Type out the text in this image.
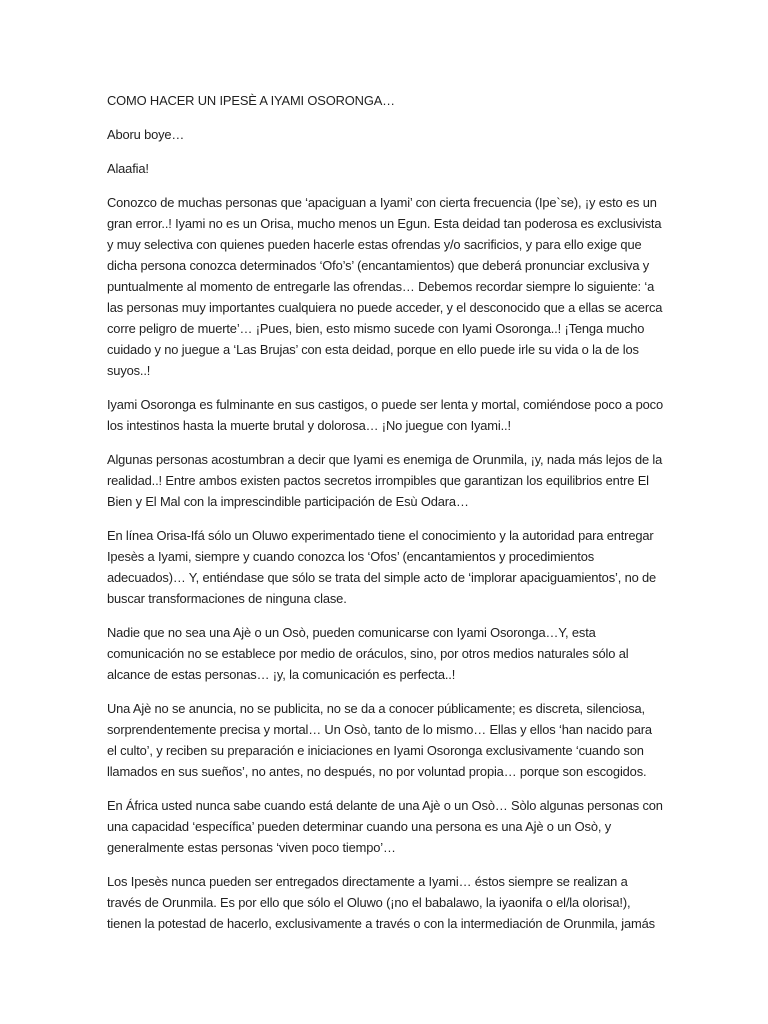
COMO HACER UN IPESÈ A IYAMI OSORONGA…

Aboru boye…

Alaafia!

Conozco de muchas personas que ‘apaciguan a Iyami’ con cierta frecuencia (Ipe`se), ¡y esto es un gran error..! Iyami no es un Orisa, mucho menos un Egun. Esta deidad tan poderosa es exclusivista y muy selectiva con quienes pueden hacerle estas ofrendas y/o sacrificios, y para ello exige que dicha persona conozca determinados ‘Ofo’s’ (encantamientos) que deberá pronunciar exclusiva y puntualmente al momento de entregarle las ofrendas… Debemos recordar siempre lo siguiente: ‘a las personas muy importantes cualquiera no puede acceder, y el desconocido que a ellas se acerca corre peligro de muerte’… ¡Pues, bien, esto mismo sucede con Iyami Osoronga..! ¡Tenga mucho cuidado y no juegue a ‘Las Brujas’ con esta deidad, porque en ello puede irle su vida o la de los suyos..!

Iyami Osoronga es fulminante en sus castigos, o puede ser lenta y mortal, comiéndose poco a poco los intestinos hasta la muerte brutal y dolorosa… ¡No juegue con Iyami..!

Algunas personas acostumbran a decir que Iyami es enemiga de Orunmila, ¡y, nada más lejos de la realidad..! Entre ambos existen pactos secretos irrompibles que garantizan los equilibrios entre El Bien y El Mal con la imprescindible participación de Esù Odara…

En línea Orisa-Ifá sólo un Oluwo experimentado tiene el conocimiento y la autoridad para entregar Ipesès a Iyami, siempre y cuando conozca los ‘Ofos’ (encantamientos y procedimientos adecuados)… Y, entiéndase que sólo se trata del simple acto de ‘implorar apaciguamientos’, no de buscar transformaciones de ninguna clase.

Nadie que no sea una Ajè o un Osò, pueden comunicarse con Iyami Osoronga…Y, esta comunicación no se establece por medio de oráculos, sino, por otros medios naturales sólo al alcance de estas personas… ¡y, la comunicación es perfecta..!

Una Ajè no se anuncia, no se publicita, no se da a conocer públicamente; es discreta, silenciosa, sorprendentemente precisa y mortal… Un Osò, tanto de lo mismo… Ellas y ellos ‘han nacido para el culto’, y reciben su preparación e iniciaciones en Iyami Osoronga exclusivamente ‘cuando son llamados en sus sueños’, no antes, no después, no por voluntad propia… porque son escogidos.

En África usted nunca sabe cuando está delante de una Ajè o un Osò… Sòlo algunas personas con una capacidad ‘específica’ pueden determinar cuando una persona es una Ajè o un Osò, y generalmente estas personas ‘viven poco tiempo’…

Los Ipesès nunca pueden ser entregados directamente a Iyami… éstos siempre se realizan a través de Orunmila. Es por ello que sólo el Oluwo (¡no el babalawo, la iyaonifa o el/la olorisa!), tienen la potestad de hacerlo, exclusivamente a través o con la intermediación de Orunmila, jamás
